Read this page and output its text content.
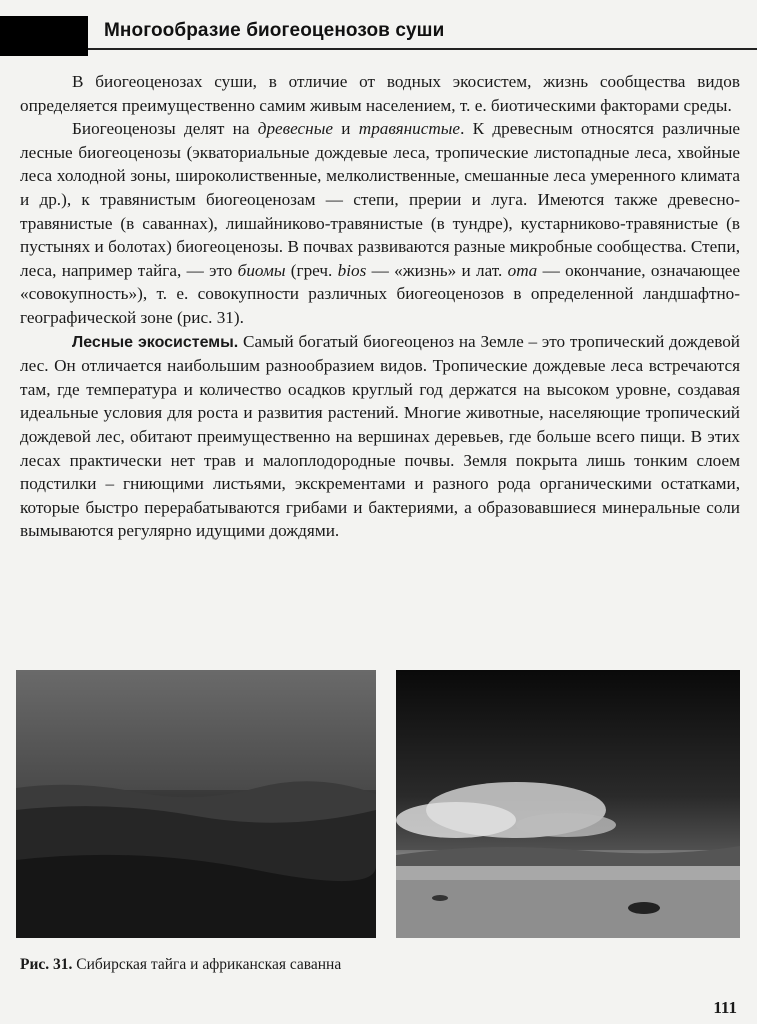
Многообразие биогеоценозов суши

В биогеоценозах суши, в отличие от водных экосистем, жизнь сообщества видов определяется преимущественно самим живым населением, т. е. биотическими факторами среды.

Биогеоценозы делят на древесные и травянистые. К древесным относятся различные лесные биогеоценозы (экваториальные дождевые леса, тропические листопадные леса, хвойные леса холодной зоны, широколиственные, мелколиственные, смешанные леса умеренного климата и др.), к травянистым биогеоценозам — степи, прерии и луга. Имеются также древесно-травянистые (в саваннах), лишайниково-травянистые (в тундре), кустарниково-травянистые (в пустынях и болотах) биогеоценозы. В почвах развиваются разные микробные сообщества. Степи, леса, например тайга, — это биомы (греч. bios — «жизнь» и лат. oma — окончание, означающее «совокупность»), т. е. совокупности различных биогеоценозов в определенной ландшафтно-географической зоне (рис. 31).

Лесные экосистемы. Самый богатый биогеоценоз на Земле – это тропический дождевой лес. Он отличается наибольшим разнообразием видов. Тропические дождевые леса встречаются там, где температура и количество осадков круглый год держатся на высоком уровне, создавая идеальные условия для роста и развития растений. Многие животные, населяющие тропический дождевой лес, обитают преимущественно на вершинах деревьев, где больше всего пищи. В этих лесах практически нет трав и малоплодородные почвы. Земля покрыта лишь тонким слоем подстилки – гниющими листьями, экскрементами и разного рода органическими остатками, которые быстро перерабатываются грибами и бактериями, а образовавшиеся минеральные соли вымываются регулярно идущими дождями.

Рис. 31. Сибирская тайга и африканская саванна
111
